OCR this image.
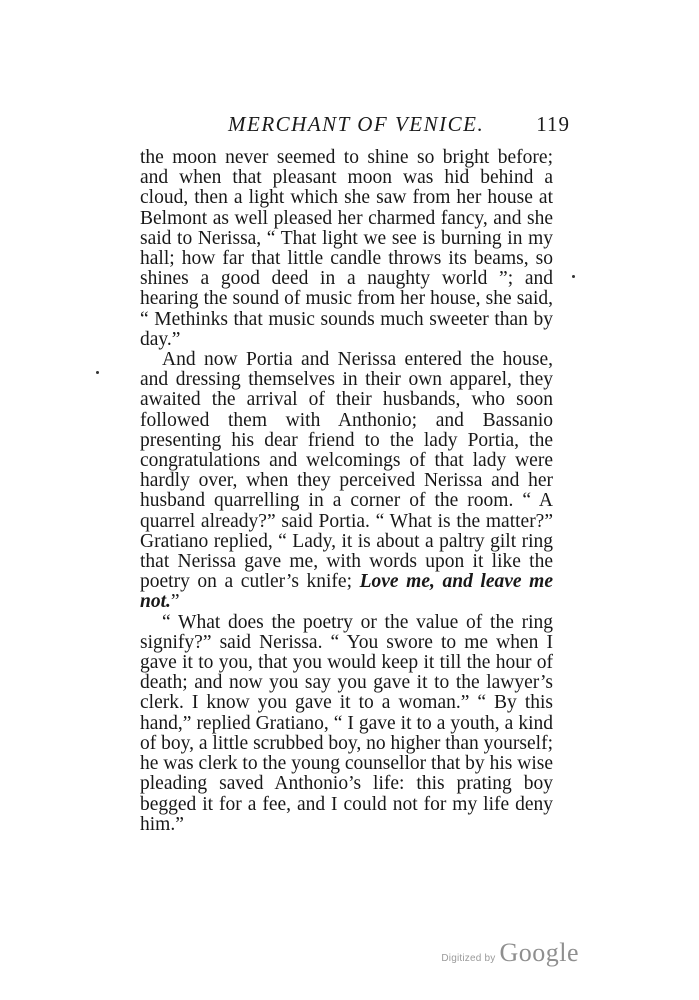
MERCHANT OF VENICE. 119

the moon never seemed to shine so bright before; and when that pleasant moon was hid behind a cloud, then a light which she saw from her house at Belmont as well pleased her charmed fancy, and she said to Nerissa, “ That light we see is burning in my hall; how far that little candle throws its beams, so shines a good deed in a naughty world ”; and hearing the sound of music from her house, she said, “ Methinks that music sounds much sweeter than by day.”

And now Portia and Nerissa entered the house, and dressing themselves in their own apparel, they awaited the arrival of their husbands, who soon followed them with Anthonio; and Bassanio presenting his dear friend to the lady Portia, the congratulations and welcomings of that lady were hardly over, when they perceived Nerissa and her husband quarrelling in a corner of the room. “ A quarrel already?” said Portia. “ What is the matter?” Gratiano replied, “ Lady, it is about a paltry gilt ring that Nerissa gave me, with words upon it like the poetry on a cutler’s knife; Love me, and leave me not.”

“ What does the poetry or the value of the ring signify?” said Nerissa. “ You swore to me when I gave it to you, that you would keep it till the hour of death; and now you say you gave it to the lawyer’s clerk. I know you gave it to a woman.” “ By this hand,” replied Gratiano, “ I gave it to a youth, a kind of boy, a little scrubbed boy, no higher than yourself; he was clerk to the young counsellor that by his wise pleading saved Anthonio’s life: this prating boy begged it for a fee, and I could not for my life deny him.”

Digitized by Google
